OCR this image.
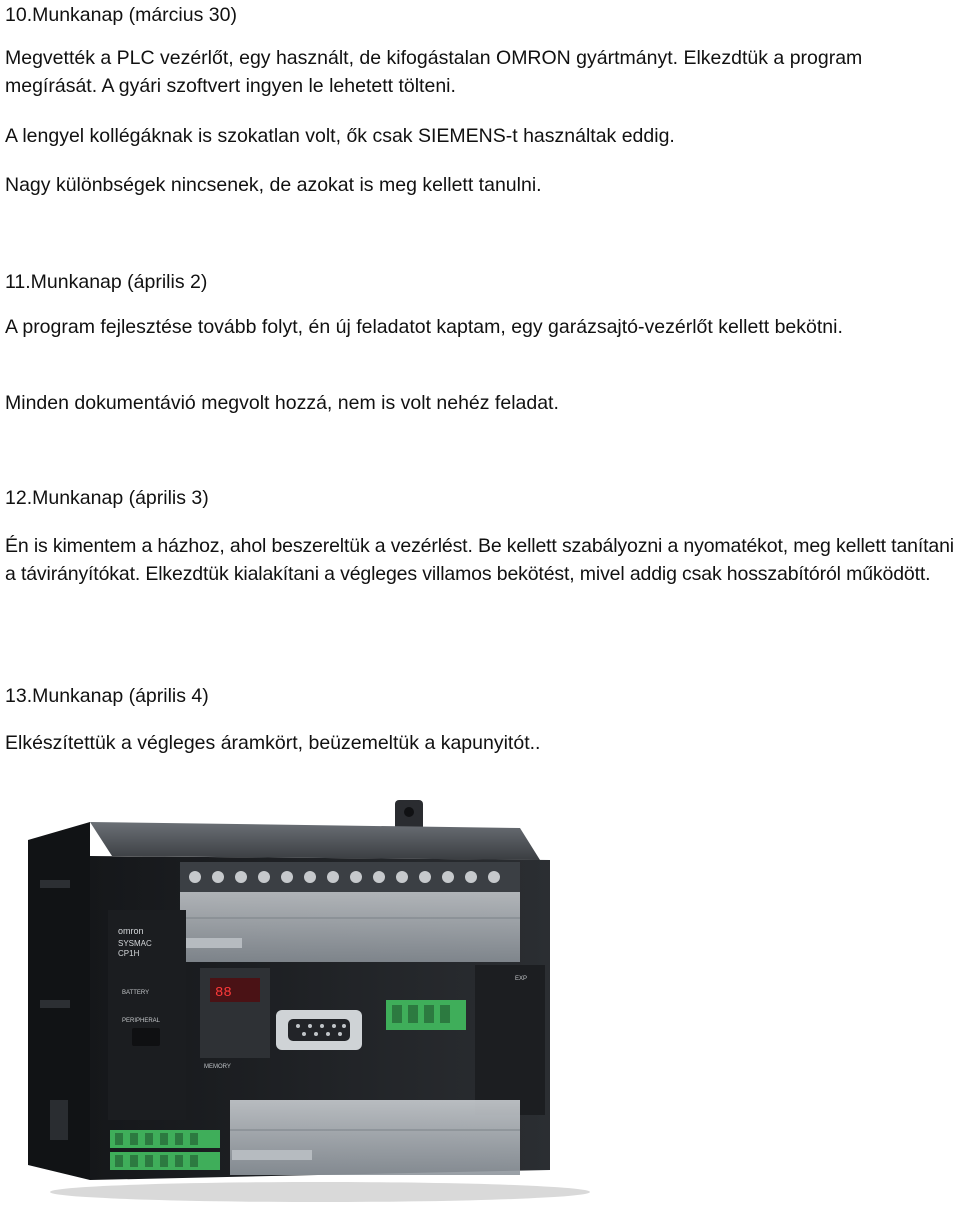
10.Munkanap (március 30)
Megvették a PLC vezérlőt, egy használt, de kifogástalan OMRON gyártmányt. Elkezdtük a program megírását. A gyári szoftvert ingyen le lehetett tölteni.
A lengyel kollégáknak is szokatlan volt, ők csak SIEMENS-t használtak eddig.
Nagy különbségek nincsenek, de azokat is meg kellett tanulni.
11.Munkanap (április 2)
A program fejlesztése tovább folyt, én új feladatot kaptam, egy garázsajtó-vezérlőt kellett bekötni.
Minden dokumentávió megvolt hozzá, nem is volt nehéz feladat.
12.Munkanap (április 3)
Én is kimentem a házhoz, ahol beszereltük a vezérlést. Be kellett szabályozni a nyomatékot, meg kellett tanítani a távirányítókat. Elkezdtük kialakítani a végleges villamos bekötést, mivel addig csak hosszabítóról működött.
13.Munkanap (április 4)
Elkészítettük a végleges áramkört, beüzemeltük a kapunyitót..
omron
SYSMAC
CP1H
BATTERY
PERIPHERAL
88
MEMORY
EXP
